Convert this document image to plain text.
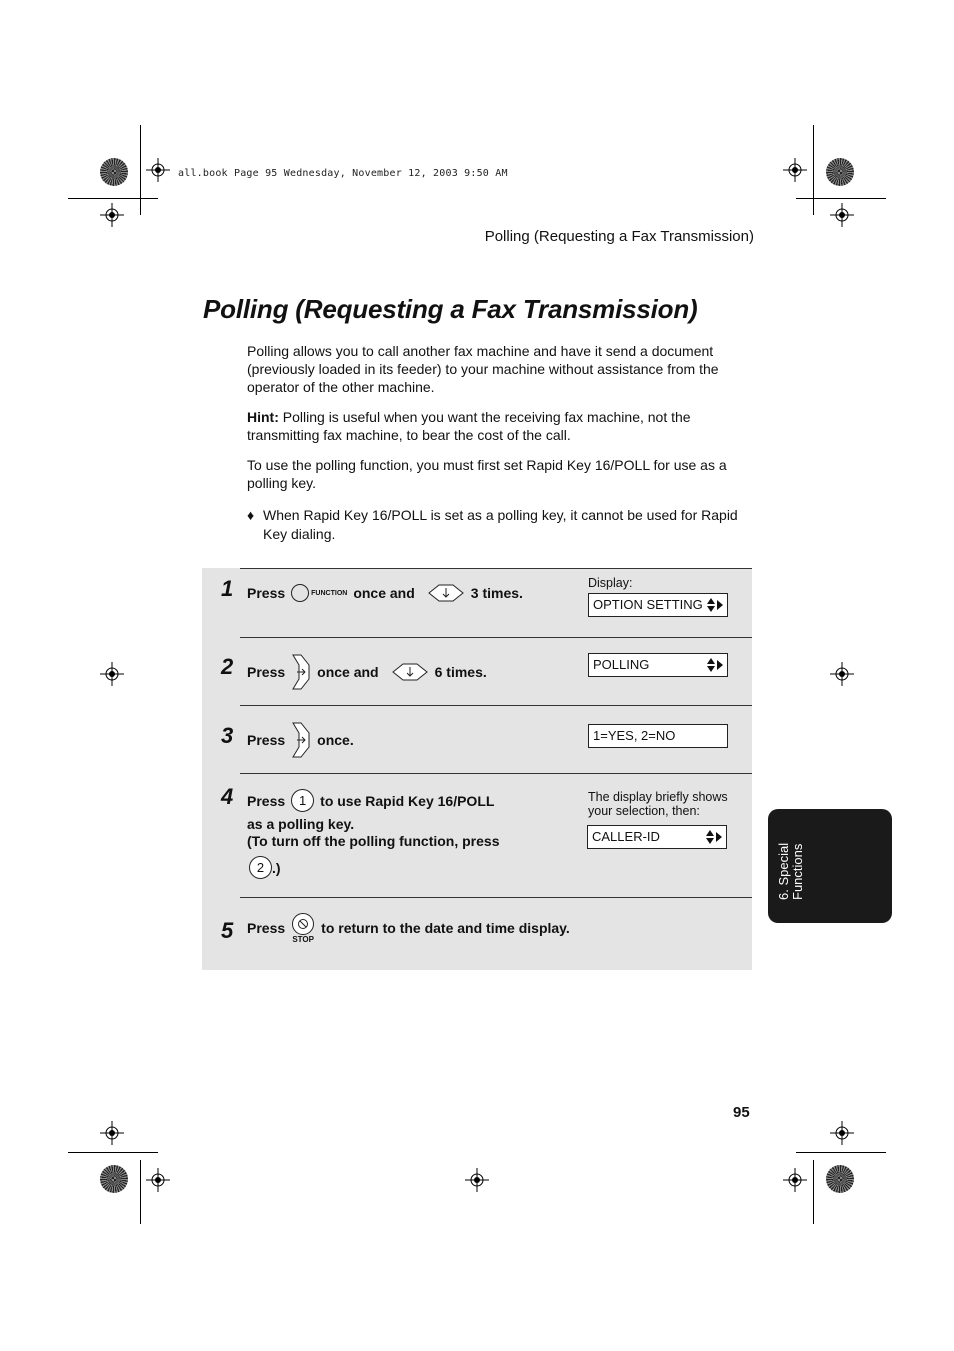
all.book Page 95 Wednesday, November 12, 2003 9:50 AM
Polling (Requesting a Fax Transmission)
Polling (Requesting a Fax Transmission)

Polling allows you to call another fax machine and have it send a document (previously loaded in its feeder) to your machine without assistance from the operator of the other machine.

Hint: Polling is useful when you want the receiving fax machine, not the transmitting fax machine, to bear the cost of the call.

To use the polling function, you must first set Rapid Key 16/POLL for use as a polling key.

♦ When Rapid Key 16/POLL is set as a polling key, it cannot be used for Rapid Key dialing.
1 Press	FUNCTION once and	3 times.
Display:
OPTION SETTING
2 Press once and	6 times.	POLLING
3 Press once.	1=YES, 2=NO
4 Press	1 to use Rapid Key 16/POLL
as a polling key.
(To turn off the polling function, press
2 .)
The display briefly shows your selection, then:
CALLER-ID
5 Press
STOP
to return to the date and time display.
6. Special Functions
95
